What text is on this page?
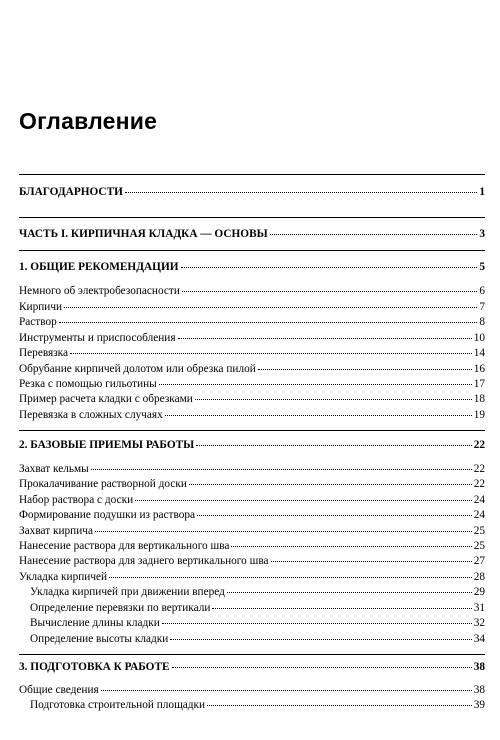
Оглавление
БЛАГОДАРНОСТИ	1
ЧАСТЬ I. КИРПИЧНАЯ КЛАДКА — ОСНОВЫ	3
1. ОБЩИЕ РЕКОМЕНДАЦИИ	5
Немного об электробезопасности	6
Кирпичи	7
Раствор	8
Инструменты и приспособления	10
Перевязка	14
Обрубание кирпичей долотом или обрезка пилой	16
Резка с помощью гильотины	17
Пример расчета кладки с обрезками	18
Перевязка в сложных случаях	19
2. БАЗОВЫЕ ПРИЕМЫ РАБОТЫ	22
Захват кельмы	22
Прокалачивание растворной доски	22
Набор раствора с доски	24
Формирование подушки из раствора	24
Захват кирпича	25
Нанесение раствора для вертикального шва	25
Нанесение раствора для заднего вертикального шва	27
Укладка кирпичей	28
Укладка кирпичей при движении вперед	29
Определение перевязки по вертикали	31
Вычисление длины кладки	32
Определение высоты кладки	34
3. ПОДГОТОВКА К РАБОТЕ	38
Общие сведения	38
Подготовка строительной площадки	39
